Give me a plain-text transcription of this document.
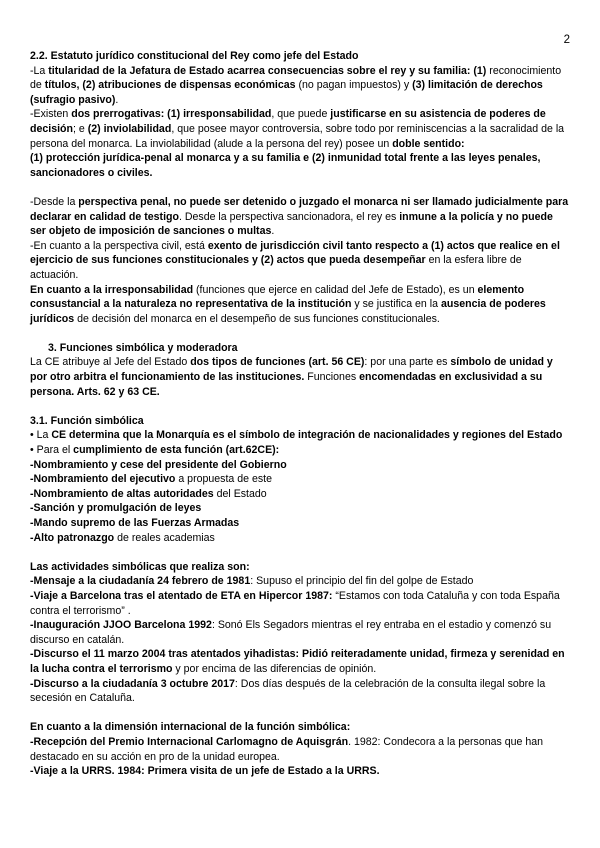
2

2.2. Estatuto jurídico constitucional del Rey como jefe del Estado

-La titularidad de la Jefatura de Estado acarrea consecuencias sobre el rey y su familia: (1) reconocimiento de títulos, (2) atribuciones de dispensas económicas (no pagan impuestos) y (3) limitación de derechos (sufragio pasivo).

-Existen dos prerrogativas: (1) irresponsabilidad, que puede justificarse en su asistencia de poderes de decisión; e (2) inviolabilidad, que posee mayor controversia, sobre todo por reminiscencias a la sacralidad de la persona del monarca. La inviolabilidad (alude a la persona del rey) posee un doble sentido:

(1) protección jurídica-penal al monarca y a su familia e (2) inmunidad total frente a las leyes penales, sancionadores o civiles.

-Desde la perspectiva penal, no puede ser detenido o juzgado el monarca ni ser llamado judicialmente para declarar en calidad de testigo. Desde la perspectiva sancionadora, el rey es inmune a la policía y no puede ser objeto de imposición de sanciones o multas.

-En cuanto a la perspectiva civil, está exento de jurisdicción civil tanto respecto a (1) actos que realice en el ejercicio de sus funciones constitucionales y (2) actos que pueda desempeñar en la esfera libre de actuación.

En cuanto a la irresponsabilidad (funciones que ejerce en calidad del Jefe de Estado), es un elemento consustancial a la naturaleza no representativa de la institución y se justifica en la ausencia de poderes jurídicos de decisión del monarca en el desempeño de sus funciones constitucionales.

3. Funciones simbólica y moderadora

La CE atribuye al Jefe del Estado dos tipos de funciones (art. 56 CE): por una parte es símbolo de unidad y por otro arbitra el funcionamiento de las instituciones. Funciones encomendadas en exclusividad a su persona. Arts. 62 y 63 CE.

3.1. Función simbólica

• La CE determina que la Monarquía es el símbolo de integración de nacionalidades y regiones del Estado

• Para el cumplimiento de esta función (art.62CE):

-Nombramiento y cese del presidente del Gobierno

-Nombramiento del ejecutivo a propuesta de este

-Nombramiento de altas autoridades del Estado

-Sanción y promulgación de leyes

-Mando supremo de las Fuerzas Armadas

-Alto patronazgo de reales academias

Las actividades simbólicas que realiza son:

-Mensaje a la ciudadanía 24 febrero de 1981: Supuso el principio del fin del golpe de Estado

-Viaje a Barcelona tras el atentado de ETA en Hipercor 1987: “Estamos con toda Cataluña y con toda España contra el terrorismo” .

-Inauguración JJOO Barcelona 1992: Sonó Els Segadors mientras el rey entraba en el estadio y comenzó su discurso en catalán.

-Discurso el 11 marzo 2004 tras atentados yihadistas: Pidió reiteradamente unidad, firmeza y serenidad en la lucha contra el terrorismo y por encima de las diferencias de opinión.

-Discurso a la ciudadanía 3 octubre 2017: Dos días después de la celebración de la consulta ilegal sobre la secesión en Cataluña.

En cuanto a la dimensión internacional de la función simbólica:

-Recepción del Premio Internacional Carlomagno de Aquisgrán. 1982: Condecora a la personas que han destacado en su acción en pro de la unidad europea.

-Viaje a la URRS. 1984: Primera visita de un jefe de Estado a la URRS.
